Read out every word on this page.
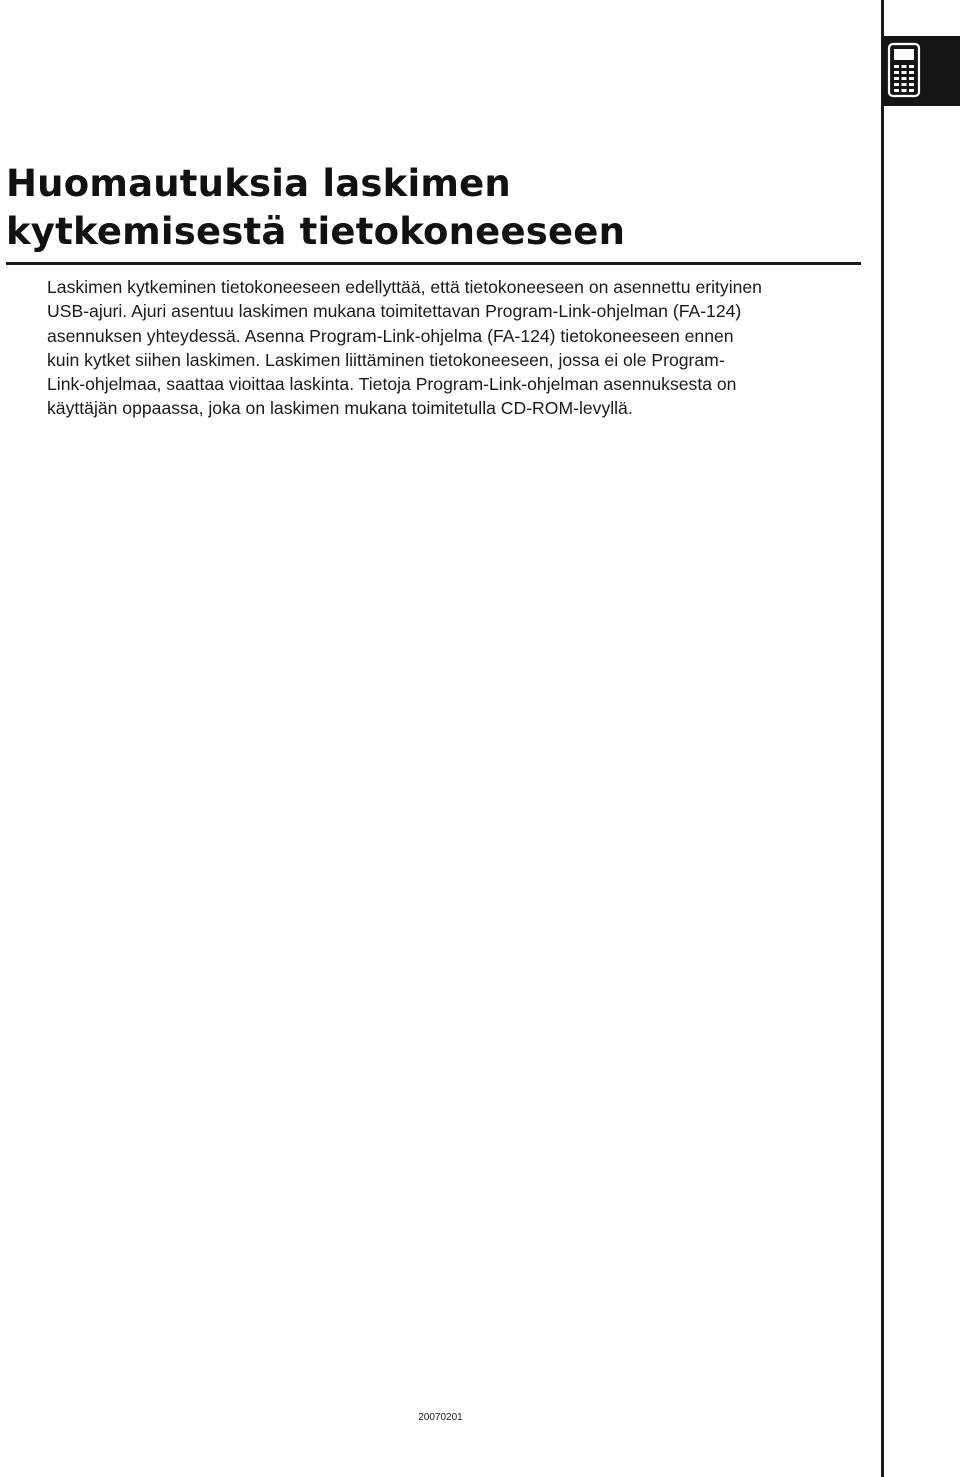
Huomautuksia laskimen
kytkemisestä tietokoneeseen

Laskimen kytkeminen tietokoneeseen edellyttää, että tietokoneeseen on asennettu erityinen
USB-ajuri. Ajuri asentuu laskimen mukana toimitettavan Program-Link-ohjelman (FA-124)
asennuksen yhteydessä. Asenna Program-Link-ohjelma (FA-124) tietokoneeseen ennen
kuin kytket siihen laskimen. Laskimen liittäminen tietokoneeseen, jossa ei ole Program-
Link-ohjelmaa, saattaa vioittaa laskinta. Tietoja Program-Link-ohjelman asennuksesta on
käyttäjän oppaassa, joka on laskimen mukana toimitetulla CD-ROM-levyllä.

20070201
